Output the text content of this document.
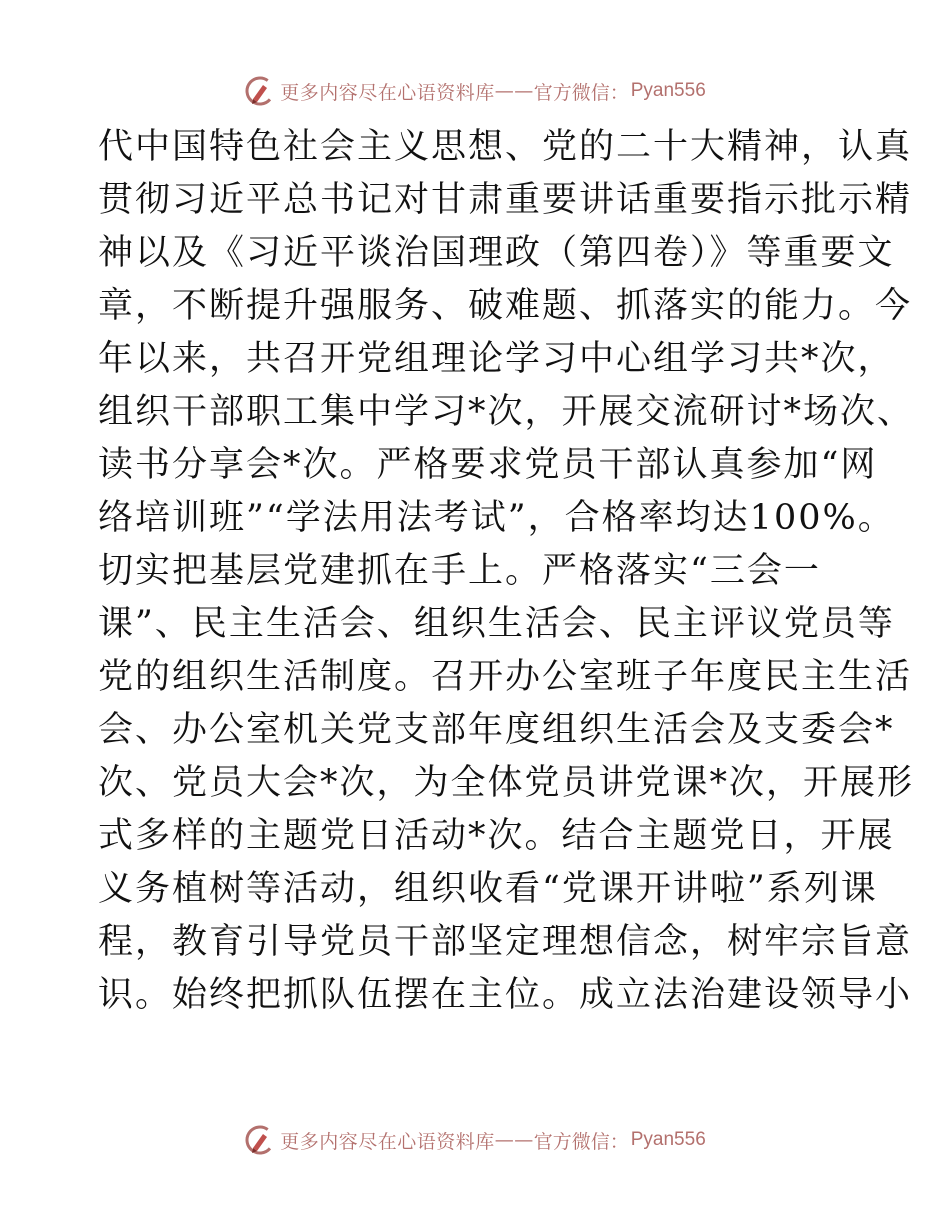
更多内容尽在心语资料库 —— 官方微信： Pyan556
代中国特色社会主义思想、党的二十大精神，认真
贯彻习近平总书记对甘肃重要讲话重要指示批示精
神以及《习近平谈治国理政（第四卷）》等重要文
章，不断提升强服务、破难题、抓落实的能力。今
年以来，共召开党组理论学习中心组学习共*次，
组织干部职工集中学习*次，开展交流研讨*场次、
读书分享会*次。严格要求党员干部认真参加“网
络培训班”“学法用法考试”，合格率均达100%。
切实把基层党建抓在手上。严格落实“三会一
课”、民主生活会、组织生活会、民主评议党员等
党的组织生活制度。召开办公室班子年度民主生活
会、办公室机关党支部年度组织生活会及支委会*
次、党员大会*次，为全体党员讲党课*次，开展形
式多样的主题党日活动*次。结合主题党日，开展
义务植树等活动，组织收看“党课开讲啦”系列课
程，教育引导党员干部坚定理想信念，树牢宗旨意
识。始终把抓队伍摆在主位。成立法治建设领导小
更多内容尽在心语资料库 —— 官方微信： Pyan556
